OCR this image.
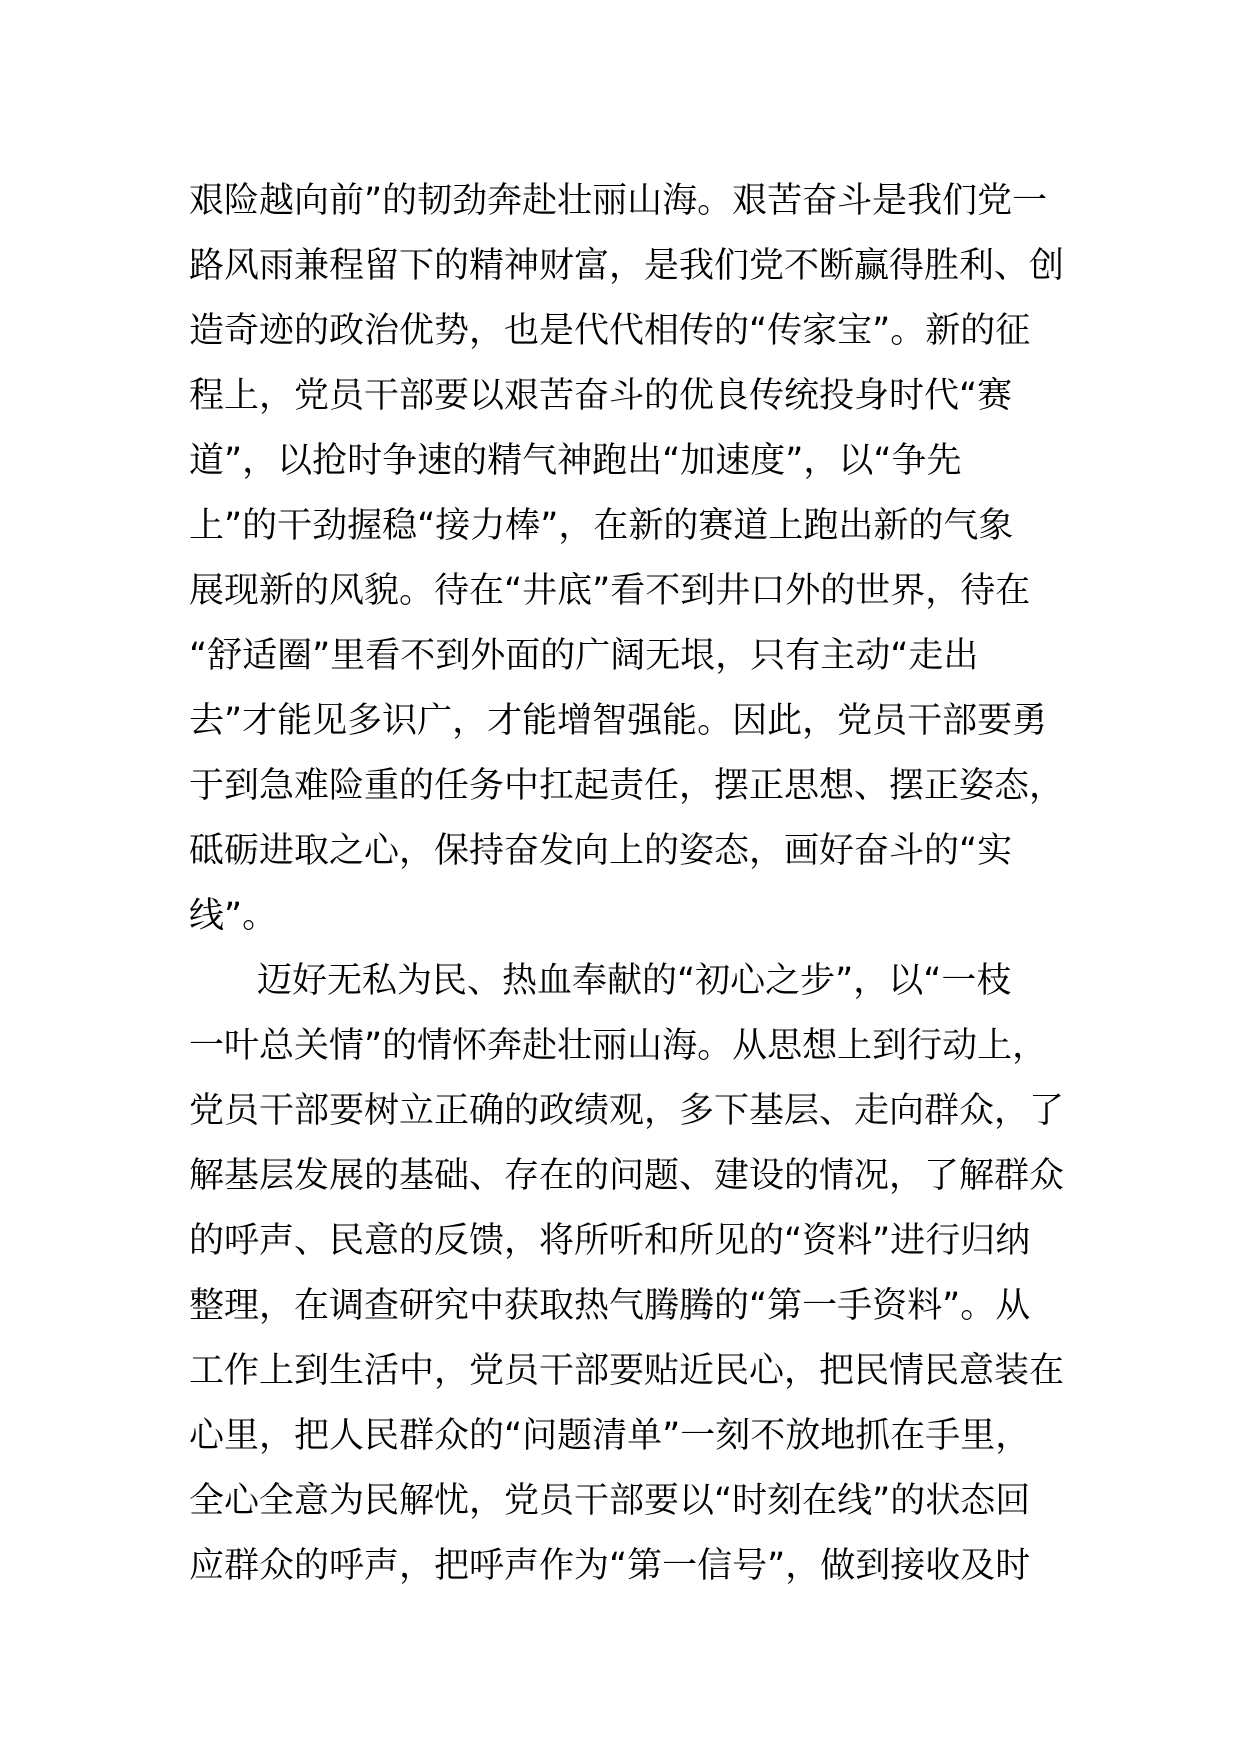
艰险越向前”的韧劲奔赴壮丽山海。艰苦奋斗是我们党一
路风雨兼程留下的精神财富，是我们党不断赢得胜利、创
造奇迹的政治优势，也是代代相传的“传家宝”。新的征
程上，党员干部要以艰苦奋斗的优良传统投身时代“赛
道”，以抢时争速的精气神跑出“加速度”，以“争先
上”的干劲握稳“接力棒”，在新的赛道上跑出新的气象
展现新的风貌。待在“井底”看不到井口外的世界，待在
“舒适圈”里看不到外面的广阔无垠，只有主动“走出
去”才能见多识广，才能增智强能。因此，党员干部要勇
于到急难险重的任务中扛起责任，摆正思想、摆正姿态，
砥砺进取之心，保持奋发向上的姿态，画好奋斗的“实
线”。
迈好无私为民、热血奉献的“初心之步”，以“一枝
一叶总关情”的情怀奔赴壮丽山海。从思想上到行动上，
党员干部要树立正确的政绩观，多下基层、走向群众，了
解基层发展的基础、存在的问题、建设的情况，了解群众
的呼声、民意的反馈，将所听和所见的“资料”进行归纳
整理，在调查研究中获取热气腾腾的“第一手资料”。从
工作上到生活中，党员干部要贴近民心，把民情民意装在
心里，把人民群众的“问题清单”一刻不放地抓在手里，
全心全意为民解忧，党员干部要以“时刻在线”的状态回
应群众的呼声，把呼声作为“第一信号”，做到接收及时
